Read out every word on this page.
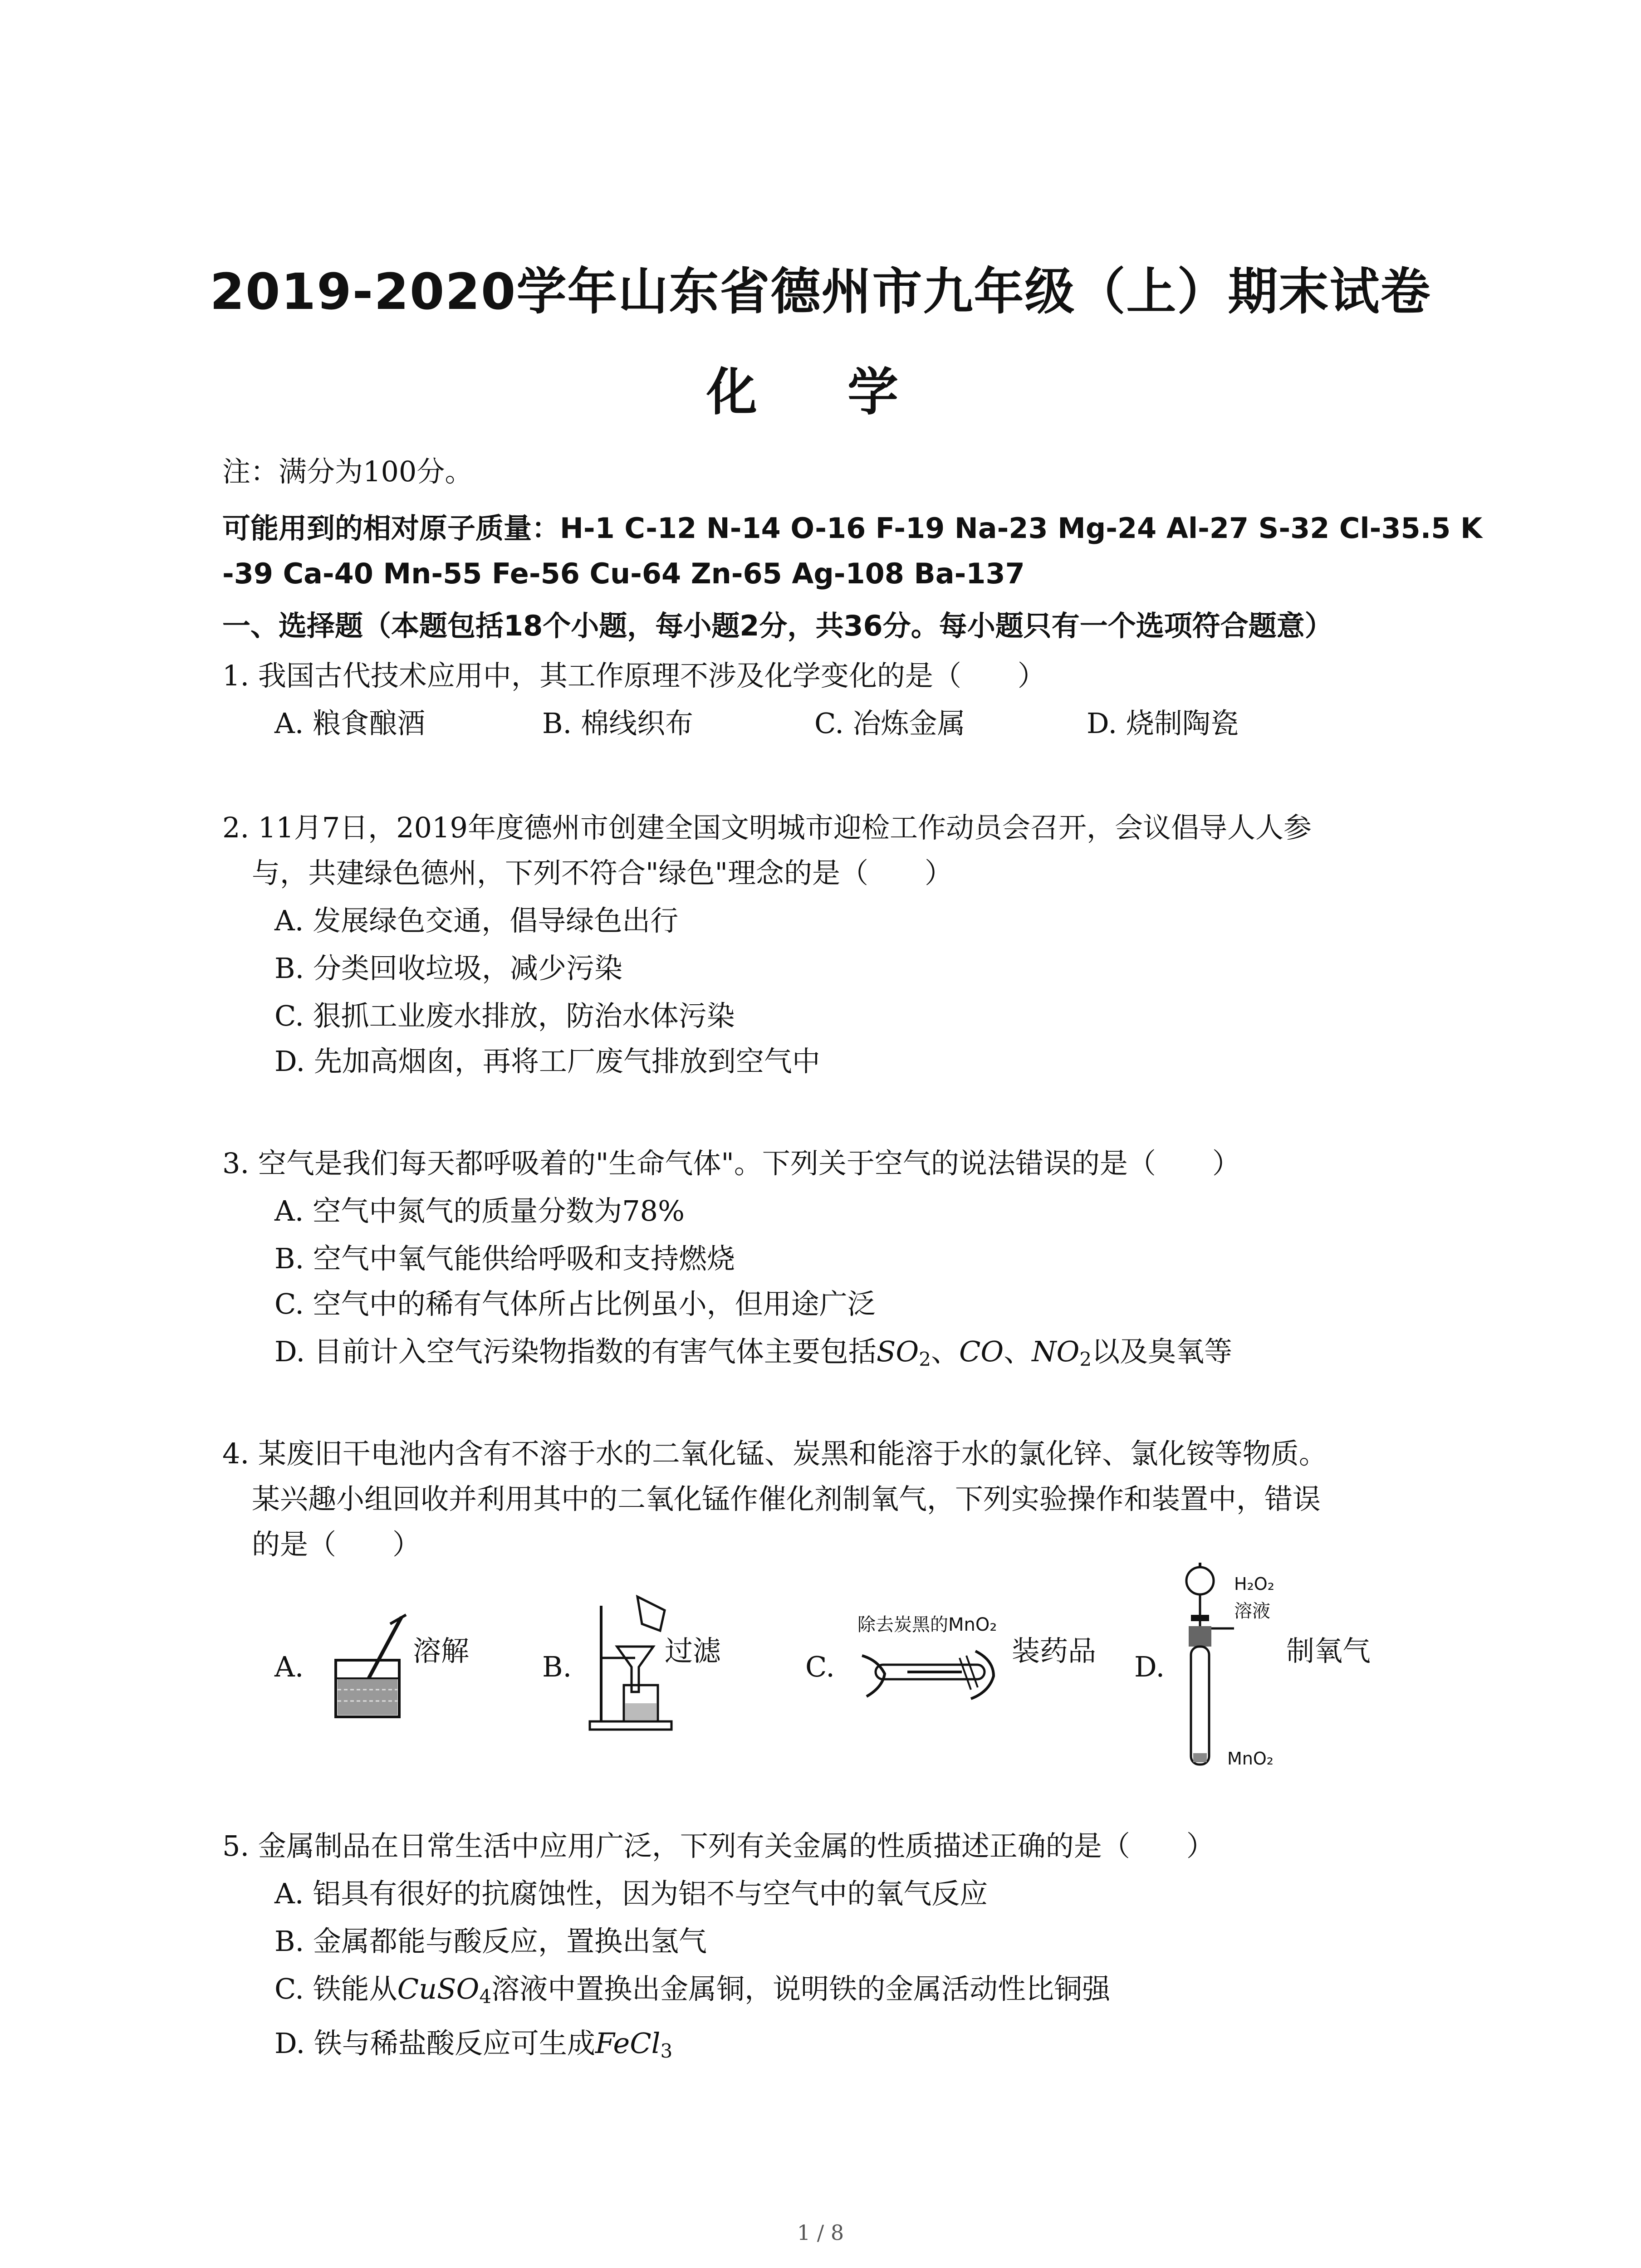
2019-2020学年山东省德州市九年级（上）期末试卷
化 学
注：满分为100分。
可能用到的相对原子质量：H-1 C-12 N-14 O-16 F-19 Na-23 Mg-24 Al-27 S-32 Cl-35.5 K
-39 Ca-40 Mn-55 Fe-56 Cu-64 Zn-65 Ag-108 Ba-137
一、选择题（本题包括18个小题，每小题2分，共36分。每小题只有一个选项符合题意）
1. 我国古代技术应用中，其工作原理不涉及化学变化的是（　　）
A. 粮食酿酒	B. 棉线织布	C. 冶炼金属	D. 烧制陶瓷
2. 11月7日，2019年度德州市创建全国文明城市迎检工作动员会召开，会议倡导人人参
与，共建绿色德州，下列不符合"绿色"理念的是（　　）
A. 发展绿色交通，倡导绿色出行
B. 分类回收垃圾，减少污染
C. 狠抓工业废水排放，防治水体污染
D. 先加高烟囱，再将工厂废气排放到空气中
3. 空气是我们每天都呼吸着的"生命气体"。下列关于空气的说法错误的是（　　）
A. 空气中氮气的质量分数为78%
B. 空气中氧气能供给呼吸和支持燃烧
C. 空气中的稀有气体所占比例虽小，但用途广泛
D. 目前计入空气污染物指数的有害气体主要包括$SO_2$、CO、$NO_2$以及臭氧等
4. 某废旧干电池内含有不溶于水的二氧化锰、炭黑和能溶于水的氯化锌、氯化铵等物质。
某兴趣小组回收并利用其中的二氧化锰作催化剂制氧气，下列实验操作和装置中，错误
的是（　　）
A.	溶解	B.	过滤	C.
除去炭黑的MnO₂
装药品 D.
H₂O₂
溶液
MnO₂
制氧气
5. 金属制品在日常生活中应用广泛，下列有关金属的性质描述正确的是（　　）
A. 铝具有很好的抗腐蚀性，因为铝不与空气中的氧气反应
B. 金属都能与酸反应，置换出氢气
C. 铁能从CuSO$_4$溶液中置换出金属铜，说明铁的金属活动性比铜强
D. 铁与稀盐酸反应可生成FeCl$_3$
1 / 8
